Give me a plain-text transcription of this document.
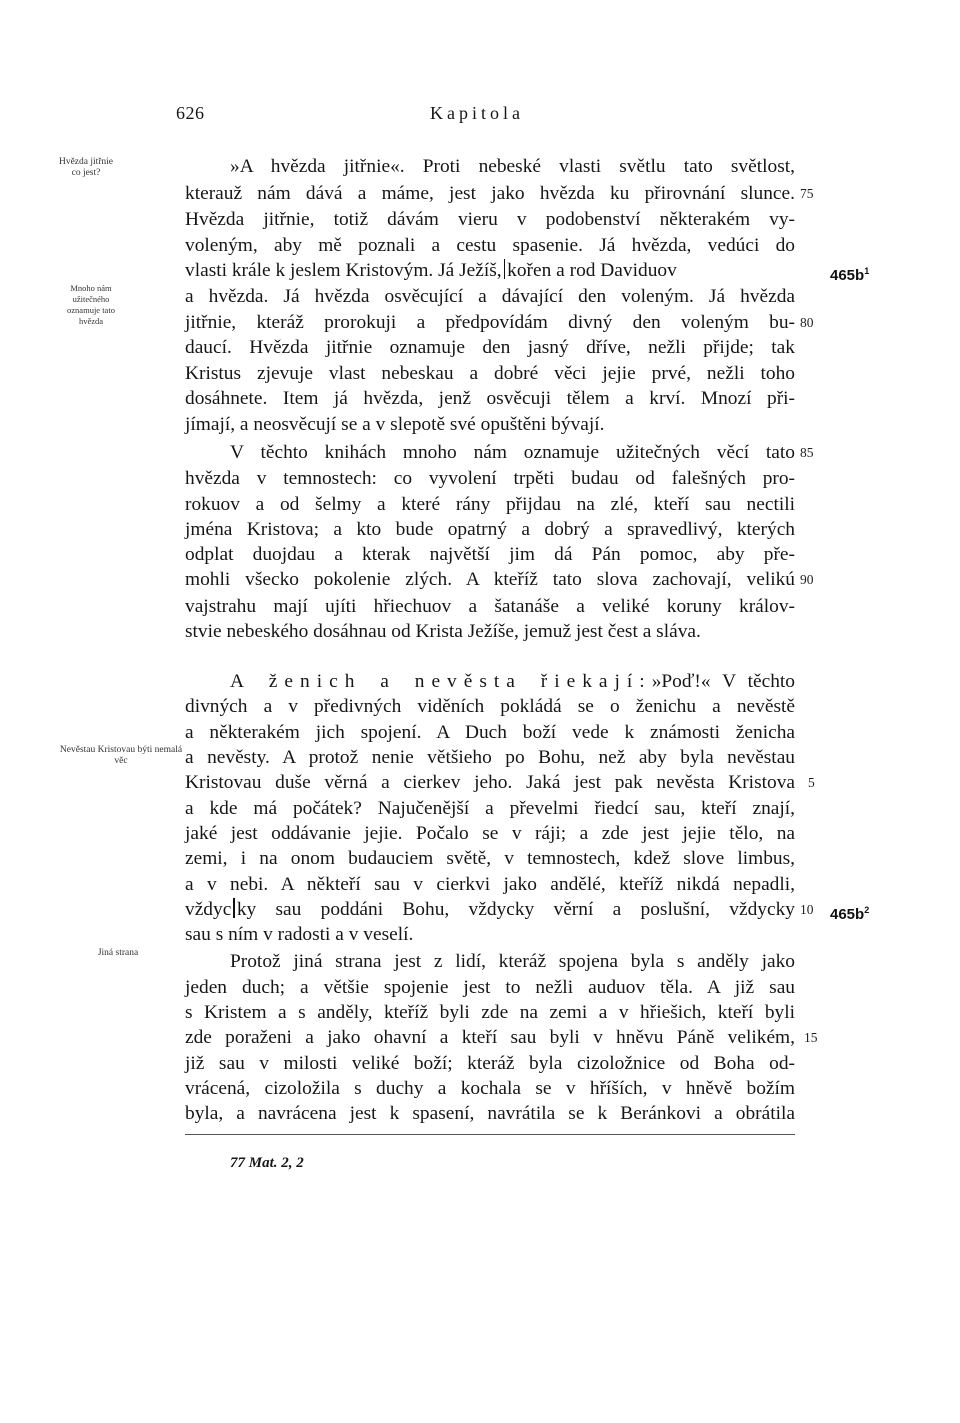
626	Kapitola
Hvězda jitřnie co jest?
Mnoho nám užitečného oznamuje tato hvězda
Nevěstau Kristovau býti nemalá věc
Jiná strana
»A hvězda jitřnie«. Proti nebeské vlasti světlu tato světlost,
kterauž nám dává a máme, jest jako hvězda ku přirovnání slunce.
Hvězda jitřnie, totiž dávám vieru v podobenství některakém vy-
voleným, aby mě poznali a cestu spasenie. Já hvězda, vedúci do
vlasti krále k jeslem Kristovým. Já Ježíš, kořen a rod Daviduov
a hvězda. Já hvězda osvěcující a dávající den voleným. Já hvězda
jitřnie, kteráž prorokuji a předpovídám divný den voleným bu-
daucí. Hvězda jitřnie oznamuje den jasný dříve, nežli přijde; tak
Kristus zjevuje vlast nebeskau a dobré věci jejie prvé, nežli toho
dosáhnete. Item já hvězda, jenž osvěcuji tělem a krví. Mnozí při-
jímají, a neosvěcují se a v slepotě své opuštěni bývají.
V těchto knihách mnoho nám oznamuje užitečných věcí tato
hvězda v temnostech: co vyvolení trpěti budau od falešných pro-
rokuov a od šelmy a které rány přijdau na zlé, kteří sau nectili
jména Kristova; a kto bude opatrný a dobrý a spravedlivý, kterých
odplat duojdau a kterak najvětší jim dá Pán pomoc, aby pře-
mohli všecko pokolenie zlých. A kteříž tato slova zachovají, velikú
vajstrahu mají ujíti hřiechuov a šatanáše a veliké koruny králov-
stvie nebeského dosáhnau od Krista Ježíše, jemuž jest čest a sláva.
A ženich a nevěsta řiekají:»Poď!« V těchto
divných a v předivných viděních pokládá se o ženichu a nevěstě
a některakém jich spojení. A Duch boží vede k známosti ženicha
a nevěsty. A protož nenie většieho po Bohu, než aby byla nevěstau
Kristovau duše věrná a cierkev jeho. Jaká jest pak nevěsta Kristova
a kde má počátek? Najučenější a převelmi řiedcí sau, kteří znají,
jaké jest oddávanie jejie. Počalo se v ráji; a zde jest jejie tělo, na
zemi, i na onom budauciem světě, v temnostech, kdež slove limbus,
a v nebi. A někteří sau v cierkvi jako andělé, kteříž nikdá nepadli,
vždyc ky sau poddáni Bohu, vždycky věrní a poslušní, vždycky
sau s ním v radosti a v veselí.
Protož jiná strana jest z lidí, kteráž spojena byla s anděly jako
jeden duch; a většie spojenie jest to nežli auduov těla. A již sau
s Kristem a s anděly, kteříž byli zde na zemi a v hřiešich, kteří byli
zde poraženi a jako ohavní a kteří sau byli v hněvu Páně velikém,
již sau v milosti veliké boží; kteráž byla cizoložnice od Boha od-
vrácená, cizoložila s duchy a kochala se v hříších, v hněvě božím
byla, a navrácena jest k spasení, navrátila se k Beránkovi a obrátila
75
80
85
90
5
10
15
$465b^1$
$465b^2$
77 Mat. 2, 2
